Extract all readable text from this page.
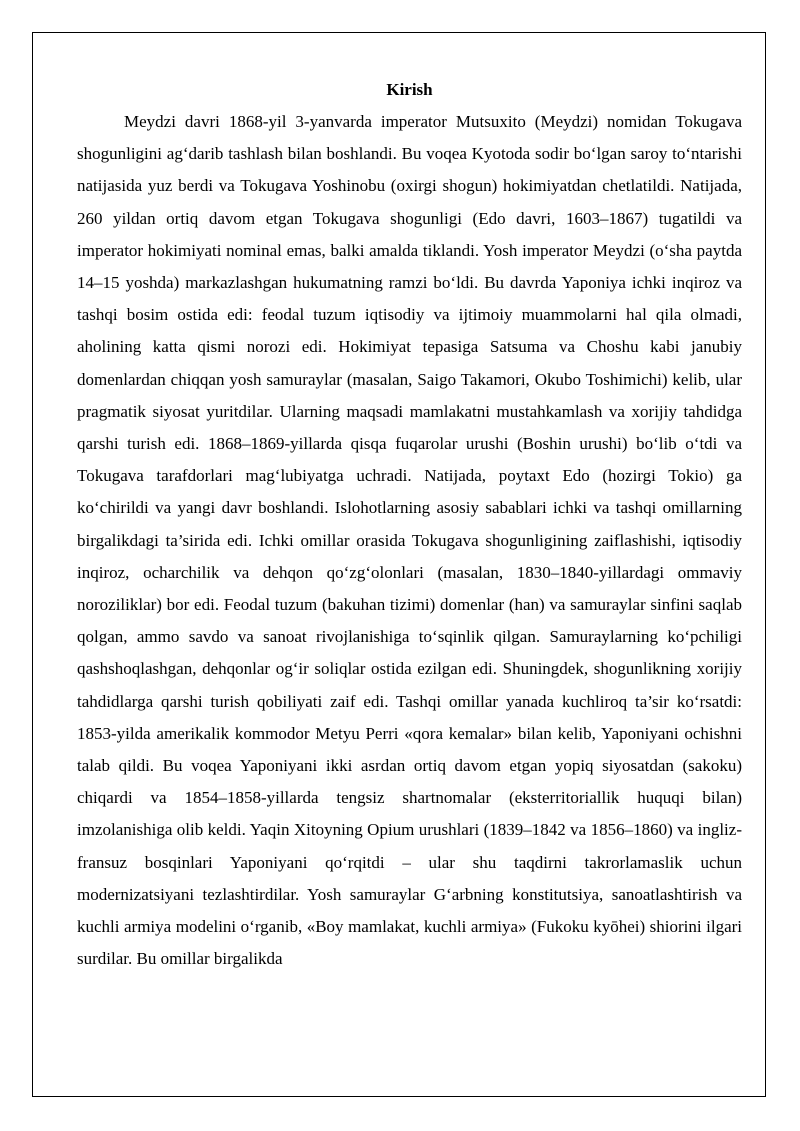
Kirish

Meydzi davri 1868-yil 3-yanvarda imperator Mutsuxito (Meydzi) nomidan Tokugava shogunligini ag‘darib tashlash bilan boshlandi. Bu voqea Kyotoda sodir bo‘lgan saroy to‘ntarishi natijasida yuz berdi va Tokugava Yoshinobu (oxirgi shogun) hokimiyatdan chetlatildi. Natijada, 260 yildan ortiq davom etgan Tokugava shogunligi (Edo davri, 1603–1867) tugatildi va imperator hokimiyati nominal emas, balki amalda tiklandi. Yosh imperator Meydzi (o‘sha paytda 14–15 yoshda) markazlashgan hukumatning ramzi bo‘ldi. Bu davrda Yaponiya ichki inqiroz va tashqi bosim ostida edi: feodal tuzum iqtisodiy va ijtimoiy muammolarni hal qila olmadi, aholining katta qismi norozi edi. Hokimiyat tepasiga Satsuma va Choshu kabi janubiy domenlardan chiqqan yosh samuraylar (masalan, Saigo Takamori, Okubo Toshimichi) kelib, ular pragmatik siyosat yuritdilar. Ularning maqsadi mamlakatni mustahkamlash va xorijiy tahdidga qarshi turish edi. 1868–1869-yillarda qisqa fuqarolar urushi (Boshin urushi) bo‘lib o‘tdi va Tokugava tarafdorlari mag‘lubiyatga uchradi. Natijada, poytaxt Edo (hozirgi Tokio) ga ko‘chirildi va yangi davr boshlandi. Islohotlarning asosiy sabablari ichki va tashqi omillarning birgalikdagi ta’sirida edi. Ichki omillar orasida Tokugava shogunligining zaiflashishi, iqtisodiy inqiroz, ocharchilik va dehqon qo‘zg‘olonlari (masalan, 1830–1840-yillardagi ommaviy noroziliklar) bor edi. Feodal tuzum (bakuhan tizimi) domenlar (han) va samuraylar sinfini saqlab qolgan, ammo savdo va sanoat rivojlanishiga to‘sqinlik qilgan. Samuraylarning ko‘pchiligi qashshoqlashgan, dehqonlar og‘ir soliqlar ostida ezilgan edi. Shuningdek, shogunlikning xorijiy tahdidlarga qarshi turish qobiliyati zaif edi. Tashqi omillar yanada kuchliroq ta’sir ko‘rsatdi: 1853-yilda amerikalik kommodor Metyu Perri «qora kemalar» bilan kelib, Yaponiyani ochishni talab qildi. Bu voqea Yaponiyani ikki asrdan ortiq davom etgan yopiq siyosatdan (sakoku) chiqardi va 1854–1858-yillarda tengsiz shartnomalar (eksterritoriallik huquqi bilan) imzolanishiga olib keldi. Yaqin Xitoyning Opium urushlari (1839–1842 va 1856–1860) va ingliz-fransuz bosqinlari Yaponiyani qo‘rqitdi – ular shu taqdirni takrorlamaslik uchun modernizatsiyani tezlashtirdilar. Yosh samuraylar G‘arbning konstitutsiya, sanoatlashtirish va kuchli armiya modelini o‘rganib, «Boy mamlakat, kuchli armiya» (Fukoku kyōhei) shiorini ilgari surdilar. Bu omillar birgalikda
